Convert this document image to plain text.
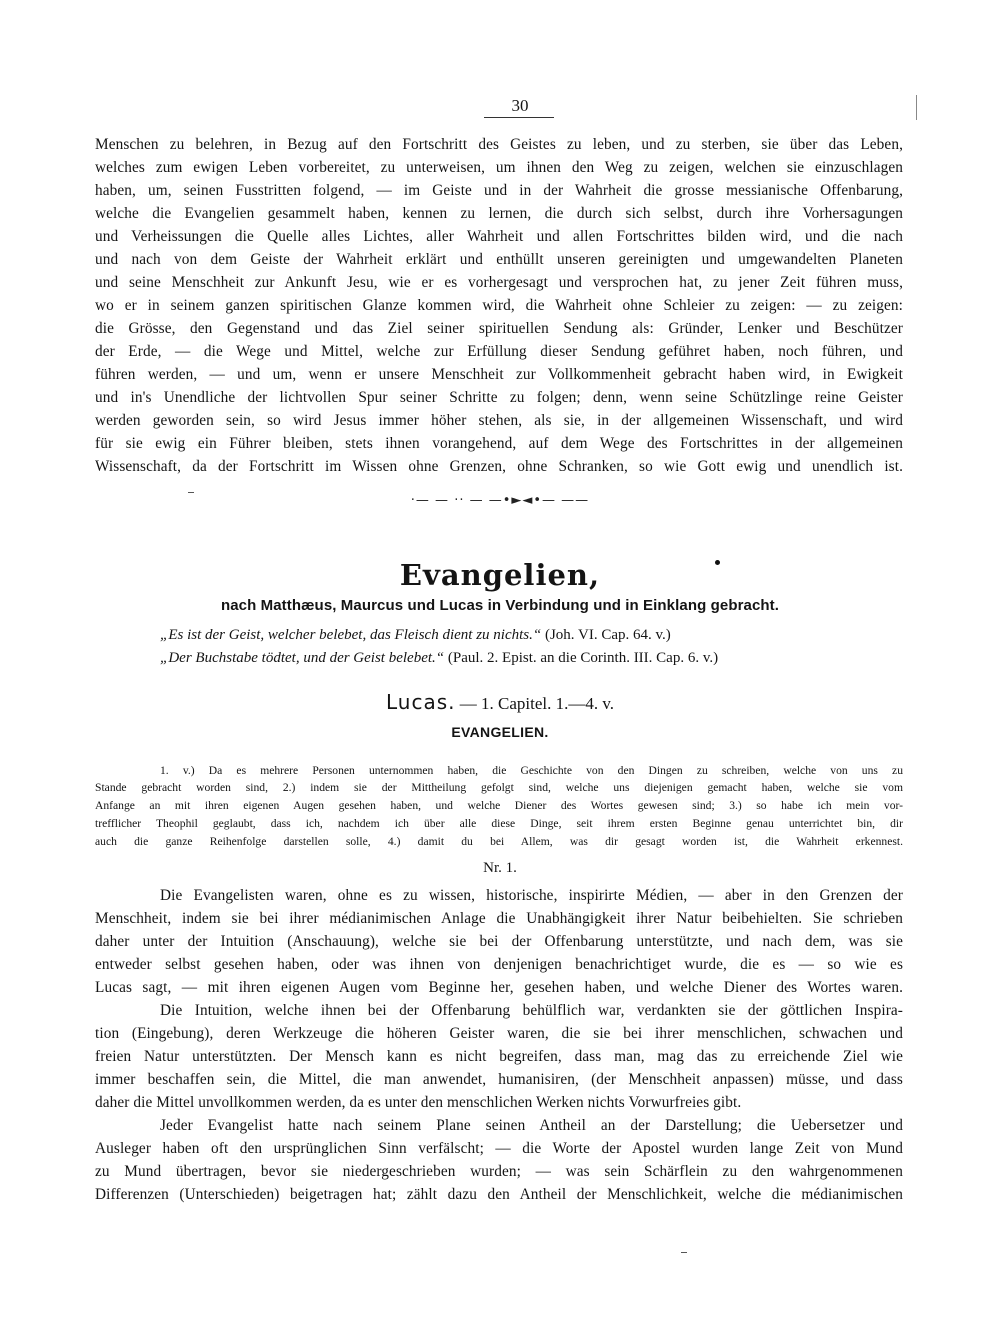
30
Menschen zu belehren, in Bezug auf den Fortschritt des Geistes zu leben, und zu sterben, sie über das Leben,
welches zum ewigen Leben vorbereitet, zu unterweisen, um ihnen den Weg zu zeigen, welchen sie einzuschlagen
haben, um, seinen Fusstritten folgend, — im Geiste und in der Wahrheit die grosse messianische Offenbarung,
welche die Evangelien gesammelt haben, kennen zu lernen, die durch sich selbst, durch ihre Vorhersagungen
und Verheissungen die Quelle alles Lichtes, aller Wahrheit und allen Fortschrittes bilden wird, und die nach
und nach von dem Geiste der Wahrheit erklärt und enthüllt unseren gereinigten und umgewandelten Planeten
und seine Menschheit zur Ankunft Jesu, wie er es vorhergesagt und versprochen hat, zu jener Zeit führen muss,
wo er in seinem ganzen spiritischen Glanze kommen wird, die Wahrheit ohne Schleier zu zeigen: — zu zeigen:
die Grösse, den Gegenstand und das Ziel seiner spirituellen Sendung als: Gründer, Lenker und Beschützer
der Erde, — die Wege und Mittel, welche zur Erfüllung dieser Sendung geführet haben, noch führen, und
führen werden, — und um, wenn er unsere Menschheit zur Vollkommenheit gebracht haben wird, in Ewigkeit
und in's Unendliche der lichtvollen Spur seiner Schritte zu folgen; denn, wenn seine Schützlinge reine Geister
werden geworden sein, so wird Jesus immer höher stehen, als sie, in der allgemeinen Wissenschaft, und wird
für sie ewig ein Führer bleiben, stets ihnen vorangehend, auf dem Wege des Fortschrittes in der allgemeinen
Wissenschaft, da der Fortschritt im Wissen ohne Grenzen, ohne Schranken, so wie Gott ewig und unendlich ist.
·— — ·· — —•►◄•— ——
Evangelien,
nach Matthæus, Maurcus und Lucas in Verbindung und in Einklang gebracht.
„Es ist der Geist, welcher belebet, das Fleisch dient zu nichts.“ (Joh. VI. Cap. 64. v.)
„Der Buchstabe tödtet, und der Geist belebet.“ (Paul. 2. Epist. an die Corinth. III. Cap. 6. v.)
Lucas. — 1. Capitel. 1.—4. v.
EVANGELIEN.
1. v.) Da es mehrere Personen unternommen haben, die Geschichte von den Dingen zu schreiben, welche von uns zu
Stande gebracht worden sind, 2.) indem sie der Mittheilung gefolgt sind, welche uns diejenigen gemacht haben, welche sie vom
Anfange an mit ihren eigenen Augen gesehen haben, und welche Diener des Wortes gewesen sind; 3.) so habe ich mein vor-
trefflicher Theophil geglaubt, dass ich, nachdem ich über alle diese Dinge, seit ihrem ersten Beginne genau unterrichtet bin, dir
auch die ganze Reihenfolge darstellen solle, 4.) damit du bei Allem, was dir gesagt worden ist, die Wahrheit erkennest.
Nr. 1.
Die Evangelisten waren, ohne es zu wissen, historische, inspirirte Médien, — aber in den Grenzen der
Menschheit, indem sie bei ihrer médianimischen Anlage die Unabhängigkeit ihrer Natur beibehielten. Sie schrieben
daher unter der Intuition (Anschauung), welche sie bei der Offenbarung unterstützte, und nach dem, was sie
entweder selbst gesehen haben, oder was ihnen von denjenigen benachrichtiget wurde, die es — so wie es
Lucas sagt, — mit ihren eigenen Augen vom Beginne her, gesehen haben, und welche Diener des Wortes waren.
Die Intuition, welche ihnen bei der Offenbarung behülflich war, verdankten sie der göttlichen Inspira-
tion (Eingebung), deren Werkzeuge die höheren Geister waren, die sie bei ihrer menschlichen, schwachen und
freien Natur unterstützten. Der Mensch kann es nicht begreifen, dass man, mag das zu erreichende Ziel wie
immer beschaffen sein, die Mittel, die man anwendet, humanisiren, (der Menschheit anpassen) müsse, und dass
daher die Mittel unvollkommen werden, da es unter den menschlichen Werken nichts Vorwurfreies gibt.
Jeder Evangelist hatte nach seinem Plane seinen Antheil an der Darstellung; die Uebersetzer und
Ausleger haben oft den ursprünglichen Sinn verfälscht; — die Worte der Apostel wurden lange Zeit von Mund
zu Mund übertragen, bevor sie niedergeschrieben wurden; — was sein Schärflein zu den wahrgenommenen
Differenzen (Unterschieden) beigetragen hat; zählt dazu den Antheil der Menschlichkeit, welche die médianimischen
